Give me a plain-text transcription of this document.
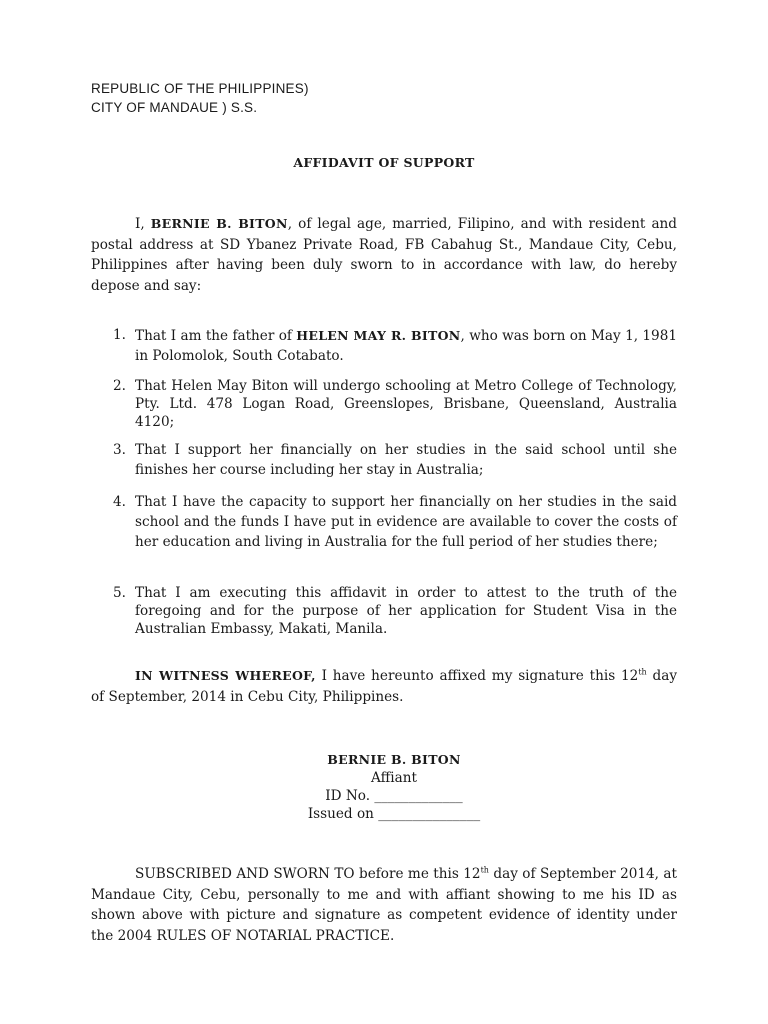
REPUBLIC OF THE PHILIPPINES)
CITY OF MANDAUE ) S.S.
AFFIDAVIT OF SUPPORT
I, BERNIE B. BITON, of legal age, married, Filipino, and with resident and postal address at SD Ybanez Private Road, FB Cabahug St., Mandaue City, Cebu, Philippines after having been duly sworn to in accordance with law, do hereby depose and say:
1. That I am the father of HELEN MAY R. BITON, who was born on May 1, 1981 in Polomolok, South Cotabato.
2. That Helen May Biton will undergo schooling at Metro College of Technology, Pty. Ltd. 478 Logan Road, Greenslopes, Brisbane, Queensland, Australia 4120;
3. That I support her financially on her studies in the said school until she finishes her course including her stay in Australia;
4. That I have the capacity to support her financially on her studies in the said school and the funds I have put in evidence are available to cover the costs of her education and living in Australia for the full period of her studies there;
5. That I am executing this affidavit in order to attest to the truth of the foregoing and for the purpose of her application for Student Visa in the Australian Embassy, Makati, Manila.
IN WITNESS WHEREOF, I have hereunto affixed my signature this 12th day of September, 2014 in Cebu City, Philippines.
BERNIE B. BITON
Affiant
ID No. _____________
Issued on _______________
SUBSCRIBED AND SWORN TO before me this 12th day of September 2014, at Mandaue City, Cebu, personally to me and with affiant showing to me his ID as shown above with picture and signature as competent evidence of identity under the 2004 RULES OF NOTARIAL PRACTICE.
